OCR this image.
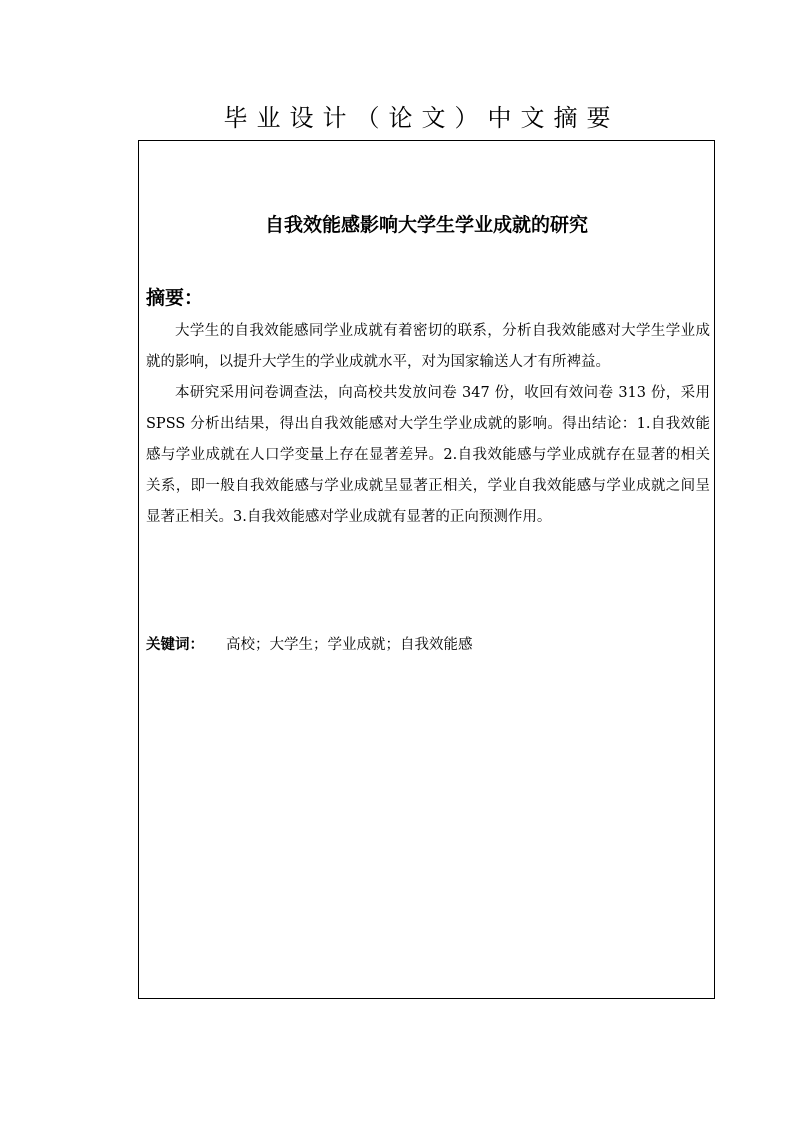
毕业设计（论文）中文摘要
自我效能感影响大学生学业成就的研究
摘要：

大学生的自我效能感同学业成就有着密切的联系，分析自我效能感对大学生学业成就的影响，以提升大学生的学业成就水平，对为国家输送人才有所裨益。

本研究采用问卷调查法，向高校共发放问卷 347 份，收回有效问卷 313 份，采用 SPSS 分析出结果，得出自我效能感对大学生学业成就的影响。得出结论：1.自我效能感与学业成就在人口学变量上存在显著差异。2.自我效能感与学业成就存在显著的相关关系，即一般自我效能感与学业成就呈显著正相关，学业自我效能感与学业成就之间呈显著正相关。3.自我效能感对学业成就有显著的正向预测作用。

关键词： 高校；大学生；学业成就；自我效能感
